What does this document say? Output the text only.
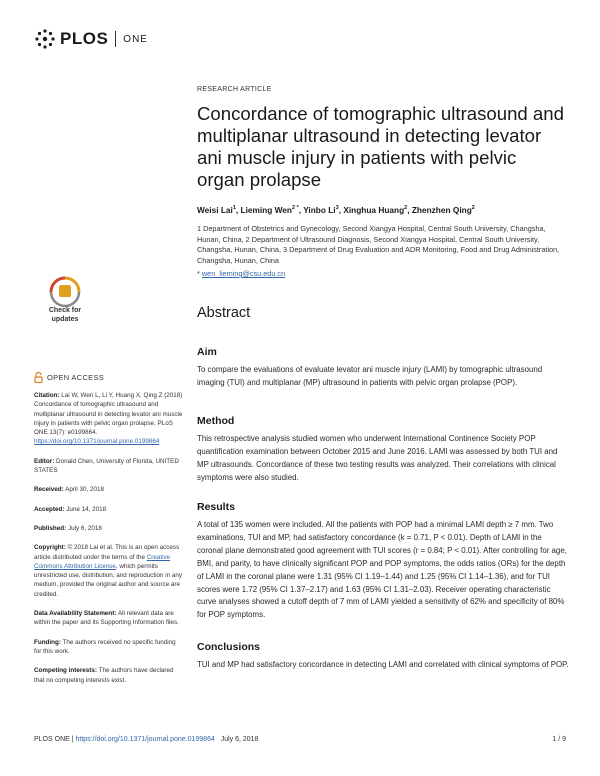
PLOS ONE
RESEARCH ARTICLE
Concordance of tomographic ultrasound and multiplanar ultrasound in detecting levator ani muscle injury in patients with pelvic organ prolapse
Weisi Lai$^1$, Lieming Wen$^{2 *}$, Yinbo Li$^3$, Xinghua Huang$^2$, Zhenzhen Qing$^2$
1 Department of Obstetrics and Gynecology, Second Xiangya Hospital, Central South University, Changsha, Hunan, China, 2 Department of Ultrasound Diagnosis, Second Xiangya Hospital, Central South University, Changsha, Hunan, China, 3 Department of Drug Evaluation and ADR Monitoring, Food and Drug Administration, Changsha, Hunan, China
* wen_lieming@csu.edu.cn
Check for
updates
OPEN ACCESS

Citation: Lai W, Wen L, Li Y, Huang X, Qing Z (2018) Concordance of tomographic ultrasound and multiplanar ultrasound in detecting levator ani muscle injury in patients with pelvic organ prolapse. PLoS ONE 13(7): e0199864. https://doi.org/10.1371/journal.pone.0199864

Editor: Donald Chen, University of Florida, UNITED STATES

Received: April 30, 2018

Accepted: June 14, 2018

Published: July 6, 2018

Copyright: © 2018 Lai et al. This is an open access article distributed under the terms of the Creative Commons Attribution License, which permits unrestricted use, distribution, and reproduction in any medium, provided the original author and source are credited.

Data Availability Statement: All relevant data are within the paper and its Supporting Information files.

Funding: The authors received no specific funding for this work.

Competing interests: The authors have declared that no competing interests exist.

Abstract
Aim
To compare the evaluations of evaluate levator ani muscle injury (LAMI) by tomographic ultrasound imaging (TUI) and multiplanar (MP) ultrasound in patients with pelvic organ prolapse (POP).
Method
This retrospective analysis studied women who underwent International Continence Society POP quantification examination between October 2015 and June 2016. LAMI was assessed by both TUI and MP ultrasounds. Concordance of these two testing results was analyzed. Their correlations with clinical symptoms were also studied.
Results
A total of 135 women were included. All the patients with POP had a minimal LAMI depth ≥ 7 mm. Two examinations, TUI and MP, had satisfactory concordance (k = 0.71, P < 0.01). Depth of LAMI in the coronal plane demonstrated good agreement with TUI scores (r = 0.84; P < 0.01). After controlling for age, BMI, and parity, to have clinically significant POP and POP symptoms, the odds ratios (ORs) for the depth of LAMI in the coronal plane were 1.31 (95% CI 1.19–1.44) and 1.25 (95% CI 1.14–1.36), and for TUI scores were 1.72 (95% CI 1.37–2.17) and 1.63 (95% CI 1.31–2.03). Receiver operating characteristic curve analyses showed a cutoff depth of 7 mm of LAMI yielded a sensitivity of 62% and specificity of 80% for POP symptoms.
Conclusions
TUI and MP had satisfactory concordance in detecting LAMI and correlated with clinical symptoms of POP.
PLOS ONE | https://doi.org/10.1371/journal.pone.0199864 July 6, 2018	1 / 9
